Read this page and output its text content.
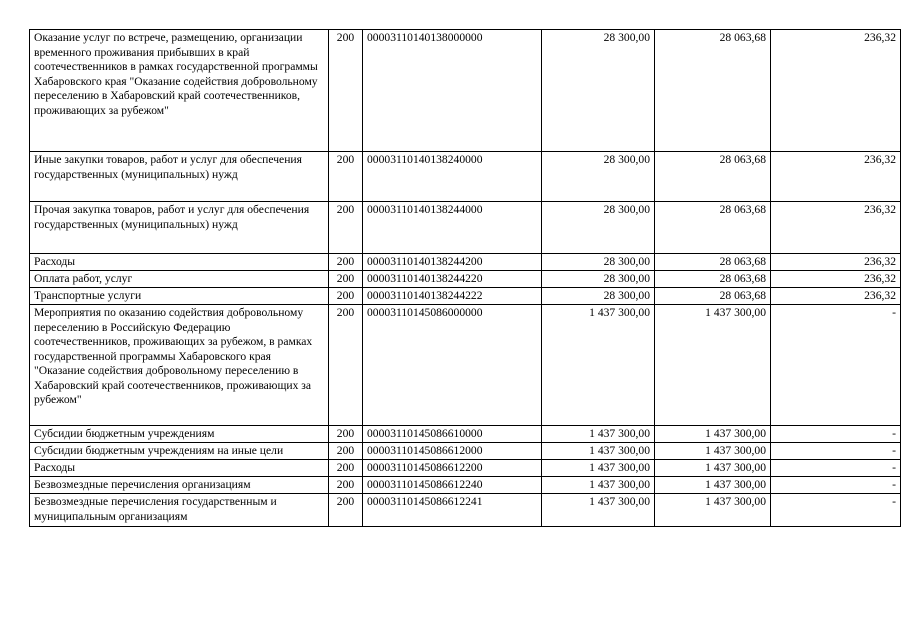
Оказание услуг по встрече, размещению, организации временного проживания прибывших в край соотечественников в рамках государственной программы Хабаровского края "Оказание содействия добровольному переселению в Хабаровский край соотечественников, проживающих за рубежом"	200	00003110140138000000	28 300,00	28 063,68	236,32
Иные закупки товаров, работ и услуг для обеспечения государственных (муниципальных) нужд	200	00003110140138240000	28 300,00	28 063,68	236,32
Прочая закупка товаров, работ и услуг для обеспечения государственных (муниципальных) нужд	200	00003110140138244000	28 300,00	28 063,68	236,32
Расходы	200	00003110140138244200	28 300,00	28 063,68	236,32
Оплата работ, услуг	200	00003110140138244220	28 300,00	28 063,68	236,32
Транспортные услуги	200	00003110140138244222	28 300,00	28 063,68	236,32
Мероприятия по оказанию содействия добровольному переселению в Российскую Федерацию соотечественников, проживающих за рубежом, в рамках государственной программы Хабаровского края "Оказание содействия добровольному переселению в Хабаровский край соотечественников, проживающих за рубежом"	200	00003110145086000000	1 437 300,00	1 437 300,00	-
Субсидии бюджетным учреждениям	200	00003110145086610000	1 437 300,00	1 437 300,00	-
Субсидии бюджетным учреждениям на иные цели	200	00003110145086612000	1 437 300,00	1 437 300,00	-
Расходы	200	00003110145086612200	1 437 300,00	1 437 300,00	-
Безвозмездные перечисления организациям	200	00003110145086612240	1 437 300,00	1 437 300,00	-
Безвозмездные перечисления государственным и муниципальным организациям	200	00003110145086612241	1 437 300,00	1 437 300,00	-
